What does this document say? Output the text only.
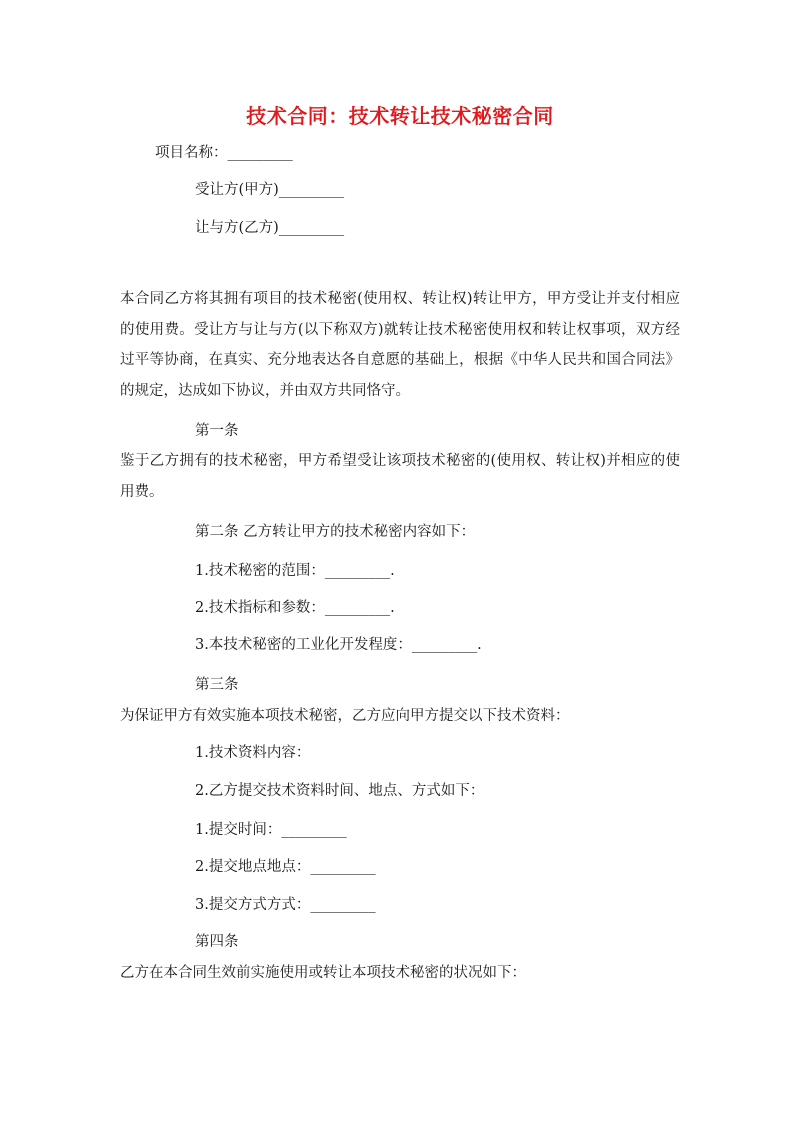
技术合同：技术转让技术秘密合同

项目名称：_________

受让方(甲方)_________

让与方(乙方)_________

本合同乙方将其拥有项目的技术秘密(使用权、转让权)转让甲方，甲方受让并支付相应的使用费。受让方与让与方(以下称双方)就转让技术秘密使用权和转让权事项，双方经过平等协商，在真实、充分地表达各自意愿的基础上，根据《中华人民共和国合同法》的规定，达成如下协议，并由双方共同恪守。

第一条

鉴于乙方拥有的技术秘密，甲方希望受让该项技术秘密的(使用权、转让权)并相应的使用费。

第二条 乙方转让甲方的技术秘密内容如下：

1.技术秘密的范围：_________.

2.技术指标和参数：_________.

3.本技术秘密的工业化开发程度：_________.

第三条

为保证甲方有效实施本项技术秘密，乙方应向甲方提交以下技术资料：

1.技术资料内容：

2.乙方提交技术资料时间、地点、方式如下：

1.提交时间：_________

2.提交地点地点：_________

3.提交方式方式：_________

第四条

乙方在本合同生效前实施使用或转让本项技术秘密的状况如下：
